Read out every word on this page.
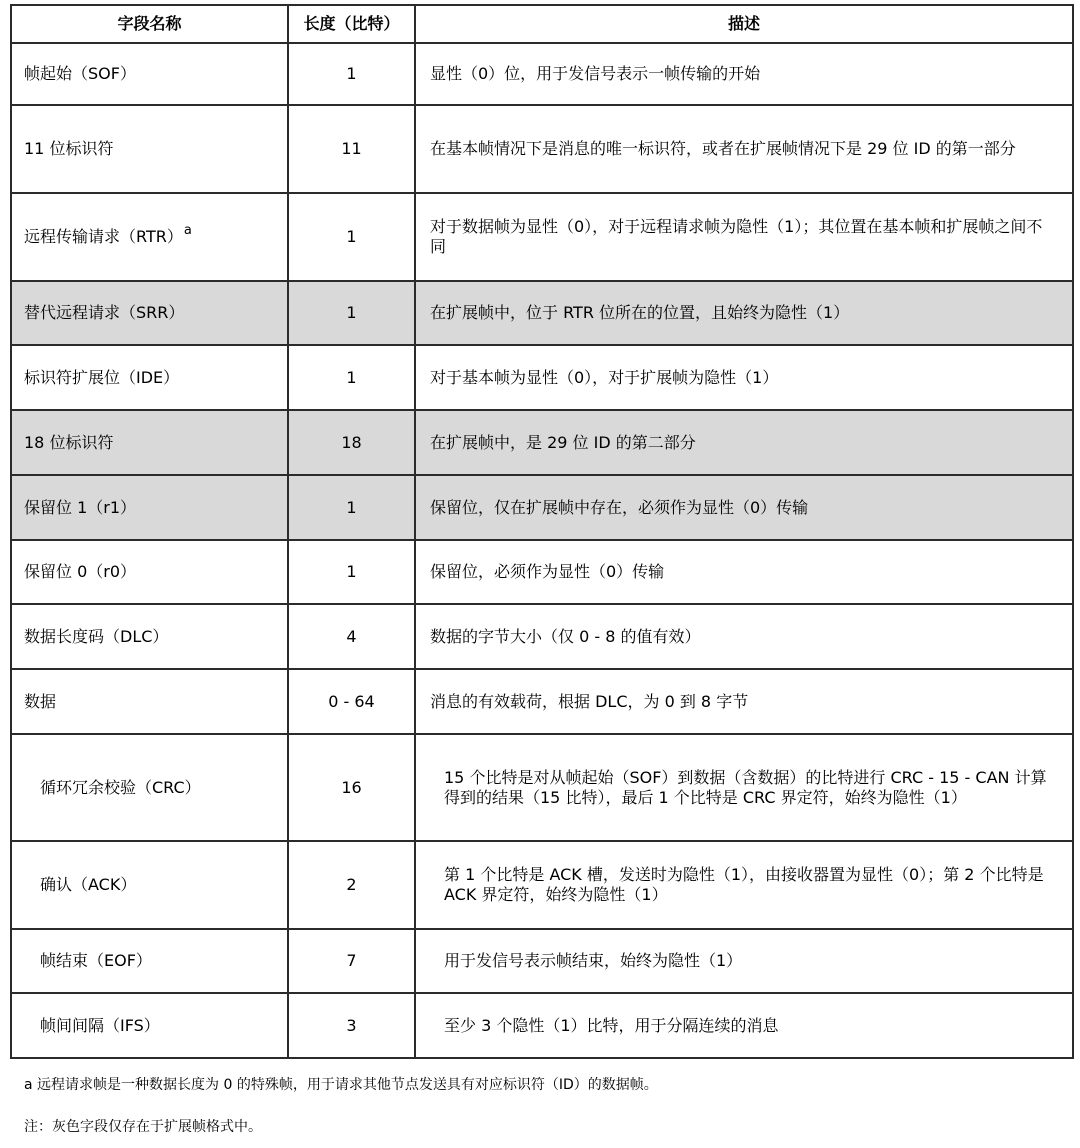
字段名称	长度（比特）	描述
帧起始（SOF）	1	显性（0）位，用于发信号表示一帧传输的开始
11 位标识符	11	在基本帧情况下是消息的唯一标识符，或者在扩展帧情况下是 29 位 ID 的第一部分
远程传输请求（RTR）$^a$	1	对于数据帧为显性（0），对于远程请求帧为隐性（1）；其位置在基本帧和扩展帧之间不同
替代远程请求（SRR）	1	在扩展帧中，位于 RTR 位所在的位置，且始终为隐性（1）
标识符扩展位（IDE）	1	对于基本帧为显性（0），对于扩展帧为隐性（1）
18 位标识符	18	在扩展帧中，是 29 位 ID 的第二部分
保留位 1（r1）	1	保留位，仅在扩展帧中存在，必须作为显性（0）传输
保留位 0（r0）	1	保留位，必须作为显性（0）传输
数据长度码（DLC）	4	数据的字节大小（仅 0 - 8 的值有效）
数据	0 - 64	消息的有效载荷，根据 DLC，为 0 到 8 字节
循环冗余校验（CRC）	16	15 个比特是对从帧起始（SOF）到数据（含数据）的比特进行 CRC - 15 - CAN 计算得到的结果（15 比特），最后 1 个比特是 CRC 界定符，始终为隐性（1）
确认（ACK）	2	第 1 个比特是 ACK 槽，发送时为隐性（1），由接收器置为显性（0）；第 2 个比特是 ACK 界定符，始终为隐性（1）
帧结束（EOF）	7	用于发信号表示帧结束，始终为隐性（1）
帧间间隔（IFS）	3	至少 3 个隐性（1）比特，用于分隔连续的消息
a 远程请求帧是一种数据长度为 0 的特殊帧，用于请求其他节点发送具有对应标识符（ID）的数据帧。
注：灰色字段仅存在于扩展帧格式中。
